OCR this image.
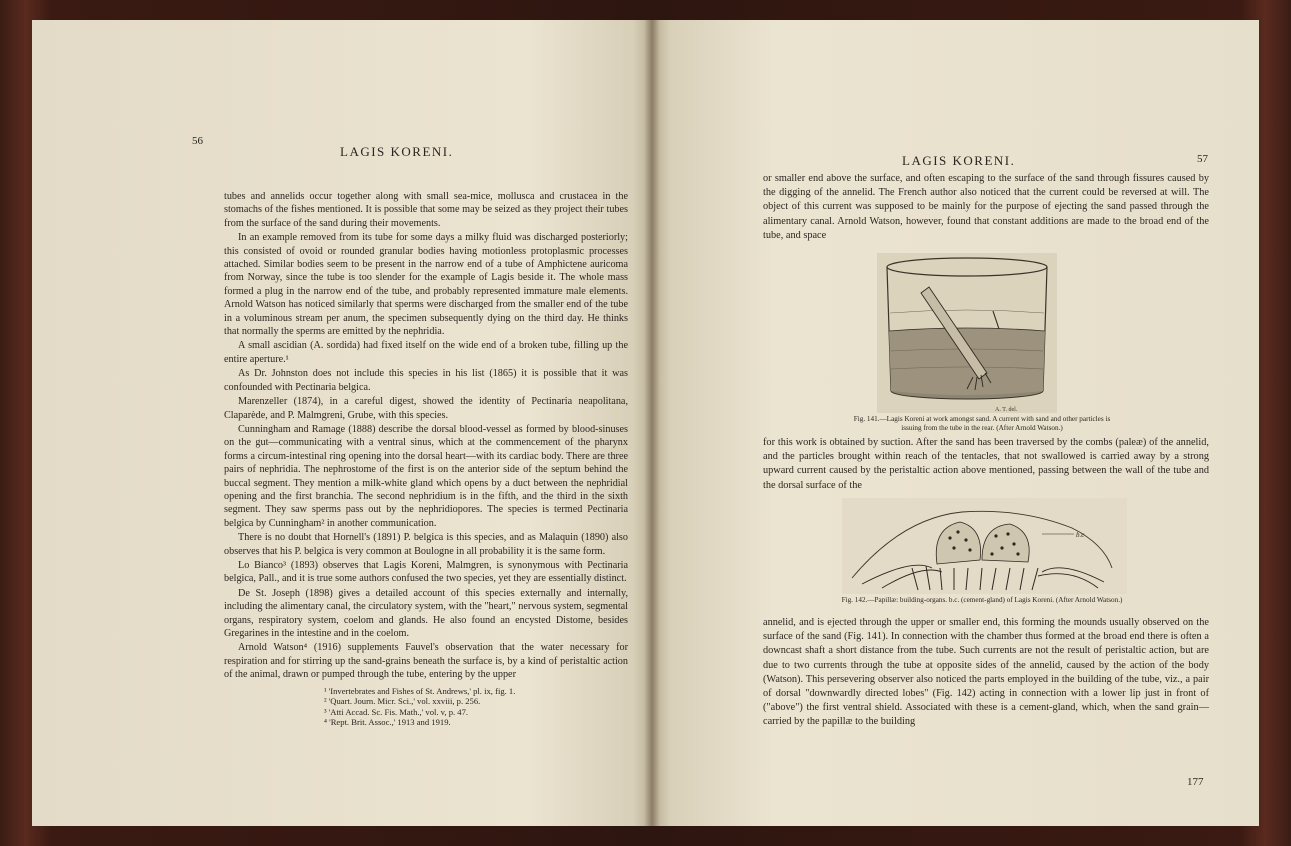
56
LAGIS KORENI.

tubes and annelids occur together along with small sea-mice, mollusca and crustacea in the stomachs of the fishes mentioned. It is possible that some may be seized as they project their tubes from the surface of the sand during their movements.

In an example removed from its tube for some days a milky fluid was discharged posteriorly; this consisted of ovoid or rounded granular bodies having motionless protoplasmic processes attached. Similar bodies seem to be present in the narrow end of a tube of Amphictene auricoma from Norway, since the tube is too slender for the example of Lagis beside it. The whole mass formed a plug in the narrow end of the tube, and probably represented immature male elements. Arnold Watson has noticed similarly that sperms were discharged from the smaller end of the tube in a voluminous stream per anum, the specimen subsequently dying on the third day. He thinks that normally the sperms are emitted by the nephridia.

A small ascidian (A. sordida) had fixed itself on the wide end of a broken tube, filling up the entire aperture.¹

As Dr. Johnston does not include this species in his list (1865) it is possible that it was confounded with Pectinaria belgica.

Marenzeller (1874), in a careful digest, showed the identity of Pectinaria neapolitana, Claparède, and P. Malmgreni, Grube, with this species.

Cunningham and Ramage (1888) describe the dorsal blood-vessel as formed by blood-sinuses on the gut—communicating with a ventral sinus, which at the commencement of the pharynx forms a circum-intestinal ring opening into the dorsal heart—with its cardiac body. There are three pairs of nephridia. The nephrostome of the first is on the anterior side of the septum behind the buccal segment. They mention a milk-white gland which opens by a duct between the nephridial opening and the first branchia. The second nephridium is in the fifth, and the third in the sixth segment. They saw sperms pass out by the nephridiopores. The species is termed Pectinaria belgica by Cunningham² in another communication.

There is no doubt that Hornell's (1891) P. belgica is this species, and as Malaquin (1890) also observes that his P. belgica is very common at Boulogne in all probability it is the same form.

Lo Bianco³ (1893) observes that Lagis Koreni, Malmgren, is synonymous with Pectinaria belgica, Pall., and it is true some authors confused the two species, yet they are essentially distinct.

De St. Joseph (1898) gives a detailed account of this species externally and internally, including the alimentary canal, the circulatory system, with the "heart," nervous system, segmental organs, respiratory system, coelom and glands. He also found an encysted Distome, besides Gregarines in the intestine and in the coelom.

Arnold Watson⁴ (1916) supplements Fauvel's observation that the water necessary for respiration and for stirring up the sand-grains beneath the surface is, by a kind of peristaltic action of the animal, drawn or pumped through the tube, entering by the upper

¹ 'Invertebrates and Fishes of St. Andrews,' pl. ix, fig. 1.
² 'Quart. Journ. Micr. Sci.,' vol. xxviii, p. 256.
³ 'Atti Accad. Sc. Fis. Math.,' vol. v, p. 47.
⁴ 'Rept. Brit. Assoc.,' 1913 and 1919.
LAGIS KORENI.	57

or smaller end above the surface, and often escaping to the surface of the sand through fissures caused by the digging of the annelid. The French author also noticed that the current could be reversed at will. The object of this current was supposed to be mainly for the purpose of ejecting the sand passed through the alimentary canal. Arnold Watson, however, found that constant additions are made to the broad end of the tube, and space

A. T. del.
Fig. 141.—Lagis Koreni at work amongst sand. A current with sand and other particles is
issuing from the tube in the rear. (After Arnold Watson.)

for this work is obtained by suction. After the sand has been traversed by the combs (paleæ) of the annelid, and the particles brought within reach of the tentacles, that not swallowed is carried away by a strong upward current caused by the peristaltic action above mentioned, passing between the wall of the tube and the dorsal surface of the

b.c
Fig. 142.—Papillæ: building-organs. b.c. (cement-gland) of Lagis Koreni. (After Arnold Watson.)

annelid, and is ejected through the upper or smaller end, this forming the mounds usually observed on the surface of the sand (Fig. 141). In connection with the chamber thus formed at the broad end there is often a downcast shaft a short distance from the tube. Such currents are not the result of peristaltic action, but are due to two currents through the tube at opposite sides of the annelid, caused by the action of the body (Watson). This persevering observer also noticed the parts employed in the building of the tube, viz., a pair of dorsal "downwardly directed lobes" (Fig. 142) acting in connection with a lower lip just in front of ("above") the first ventral shield. Associated with these is a cement-gland, which, when the sand grain—carried by the papillæ to the building

177
